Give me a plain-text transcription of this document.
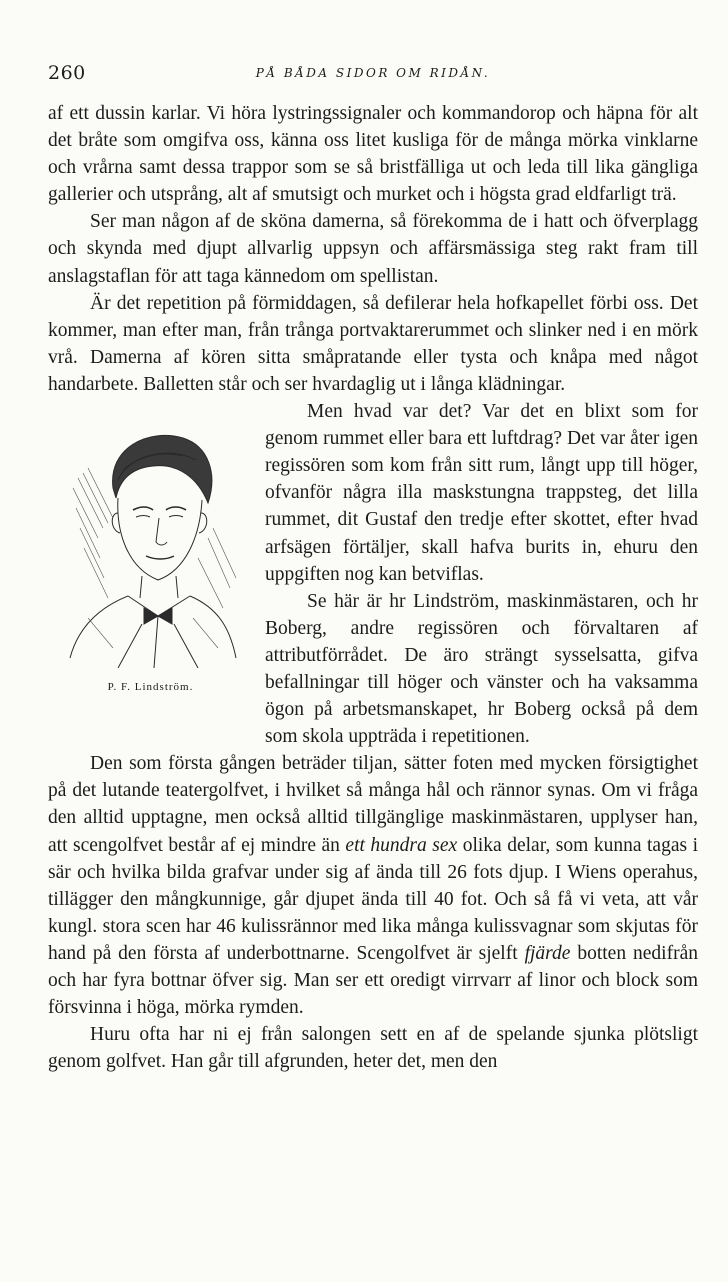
260	PÅ BÅDA SIDOR OM RIDÅN.

af ett dussin karlar. Vi höra lystringssignaler och kommandorop och häpna för alt det bråte som omgifva oss, känna oss litet kusliga för de många mörka vinklarne och vrårna samt dessa trappor som se så bristfälliga ut och leda till lika gängliga gallerier och utsprång, alt af smutsigt och murket och i högsta grad eldfarligt trä.

Ser man någon af de sköna damerna, så förekomma de i hatt och öfverplagg och skynda med djupt allvarlig uppsyn och affärsmässiga steg rakt fram till anslagstaflan för att taga kännedom om spellistan.

Är det repetition på förmiddagen, så defilerar hela hofkapellet förbi oss. Det kommer, man efter man, från trånga portvaktarerummet och slinker ned i en mörk vrå. Damerna af kören sitta småpratande eller tysta och knåpa med något handarbete. Balletten står och ser hvardaglig ut i långa klädningar.

P. F. Lindström.

Men hvad var det? Var det en blixt som for genom rummet eller bara ett luftdrag? Det var åter igen regissören som kom från sitt rum, långt upp till höger, ofvanför några illa maskstungna trappsteg, det lilla rummet, dit Gustaf den tredje efter skottet, efter hvad arfsägen förtäljer, skall hafva burits in, ehuru den uppgiften nog kan betviflas.

Se här är hr Lindström, maskinmästaren, och hr Boberg, andre regissören och förvaltaren af attributförrådet. De äro strängt sysselsatta, gifva befallningar till höger och vänster och ha vaksamma ögon på arbetsmanskapet, hr Boberg också på dem som skola uppträda i repetitionen.

Den som första gången beträder tiljan, sätter foten med mycken försigtighet på det lutande teatergolfvet, i hvilket så många hål och rännor synas. Om vi fråga den alltid upptagne, men också alltid tillgänglige maskinmästaren, upplyser han, att scengolfvet består af ej mindre än ett hundra sex olika delar, som kunna tagas i sär och hvilka bilda grafvar under sig af ända till 26 fots djup. I Wiens operahus, tillägger den mångkunnige, går djupet ända till 40 fot. Och så få vi veta, att vår kungl. stora scen har 46 kulissrännor med lika många kulissvagnar som skjutas för hand på den första af underbottnarne. Scengolfvet är sjelft fjärde botten nedifrån och har fyra bottnar öfver sig. Man ser ett oredigt virrvarr af linor och block som försvinna i höga, mörka rymden.

Huru ofta har ni ej från salongen sett en af de spelande sjunka plötsligt genom golfvet. Han går till afgrunden, heter det, men den
